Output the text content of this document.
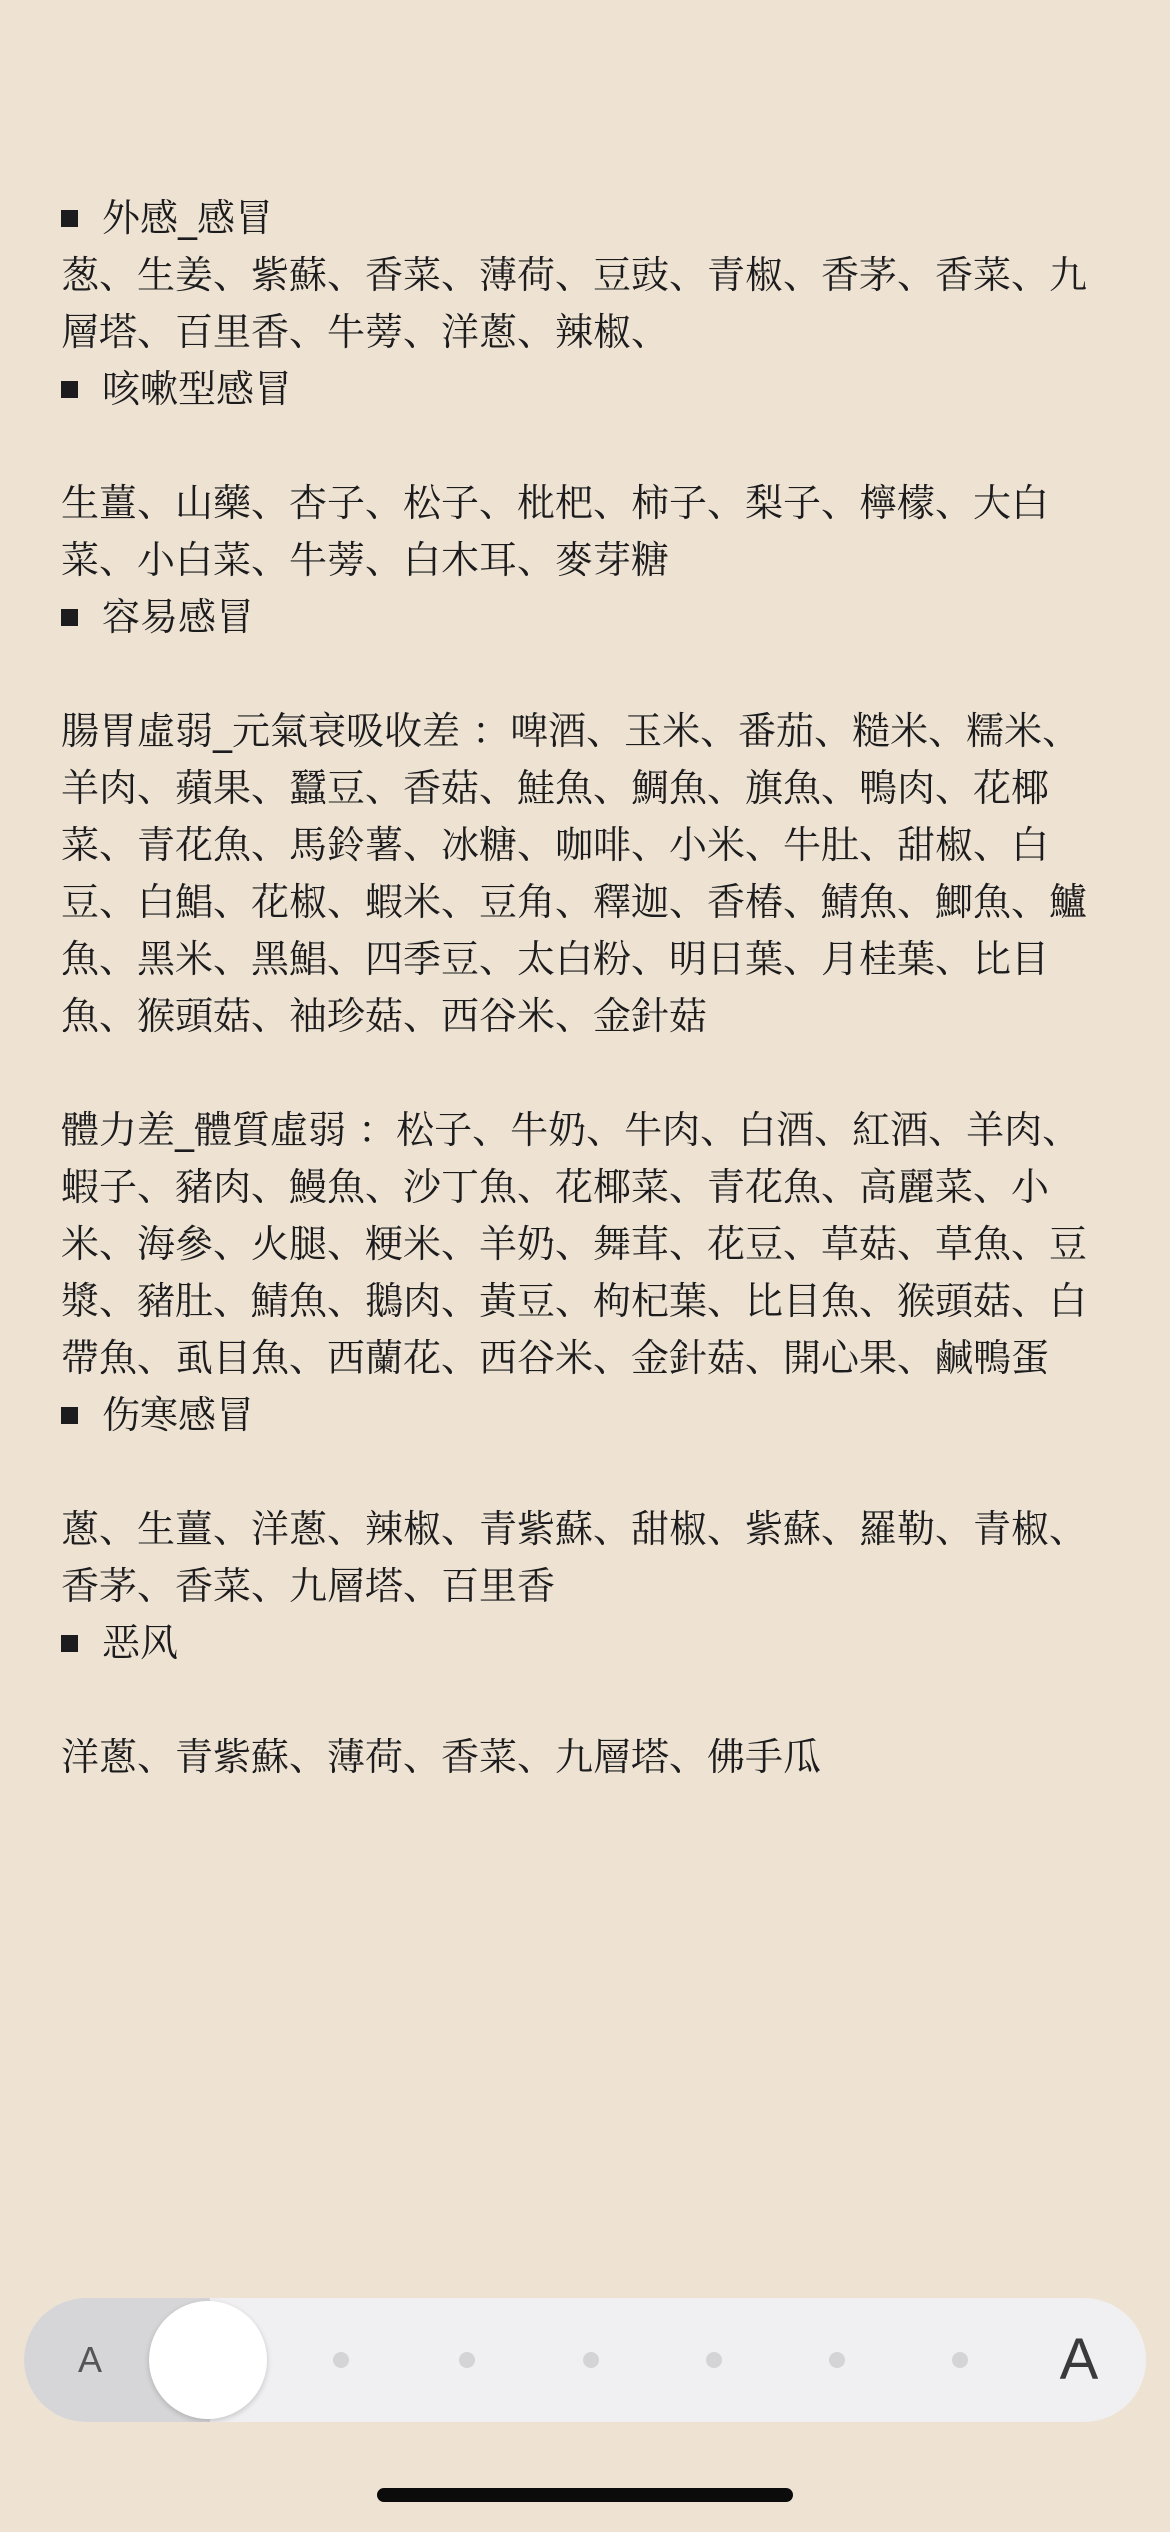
外感_感冒

葱、生姜、紫蘇、香菜、薄荷、豆豉、青椒、香茅、香菜、九層塔、百里香、牛蒡、洋蔥、辣椒、

咳嗽型感冒

生薑、山藥、杏子、松子、枇杷、柿子、梨子、檸檬、大白菜、小白菜、牛蒡、白木耳、麥芽糖

容易感冒

腸胃虛弱_元氣衰吸收差 ：啤酒、玉米、番茄、糙米、糯米、羊肉、蘋果、蠶豆、香菇、鮭魚、鯛魚、旗魚、鴨肉、花椰菜、青花魚、馬鈴薯、冰糖、咖啡、小米、牛肚、甜椒、白豆、白鯧、花椒、蝦米、豆角、釋迦、香椿、鯖魚、鯽魚、鱸魚、黑米、黑鯧、四季豆、太白粉、明日葉、月桂葉、比目魚、猴頭菇、袖珍菇、西谷米、金針菇

體力差_體質虛弱 ：松子、牛奶、牛肉、白酒、紅酒、羊肉、蝦子、豬肉、鰻魚、沙丁魚、花椰菜、青花魚、高麗菜、小米、海參、火腿、粳米、羊奶、舞茸、花豆、草菇、草魚、豆漿、豬肚、鯖魚、鵝肉、黃豆、枸杞葉、比目魚、猴頭菇、白帶魚、虱目魚、西蘭花、西谷米、金針菇、開心果、鹹鴨蛋

伤寒感冒

蔥、生薑、洋蔥、辣椒、青紫蘇、甜椒、紫蘇、羅勒、青椒、香茅、香菜、九層塔、百里香

恶风

洋蔥、青紫蘇、薄荷、香菜、九層塔、佛手瓜

A	A
